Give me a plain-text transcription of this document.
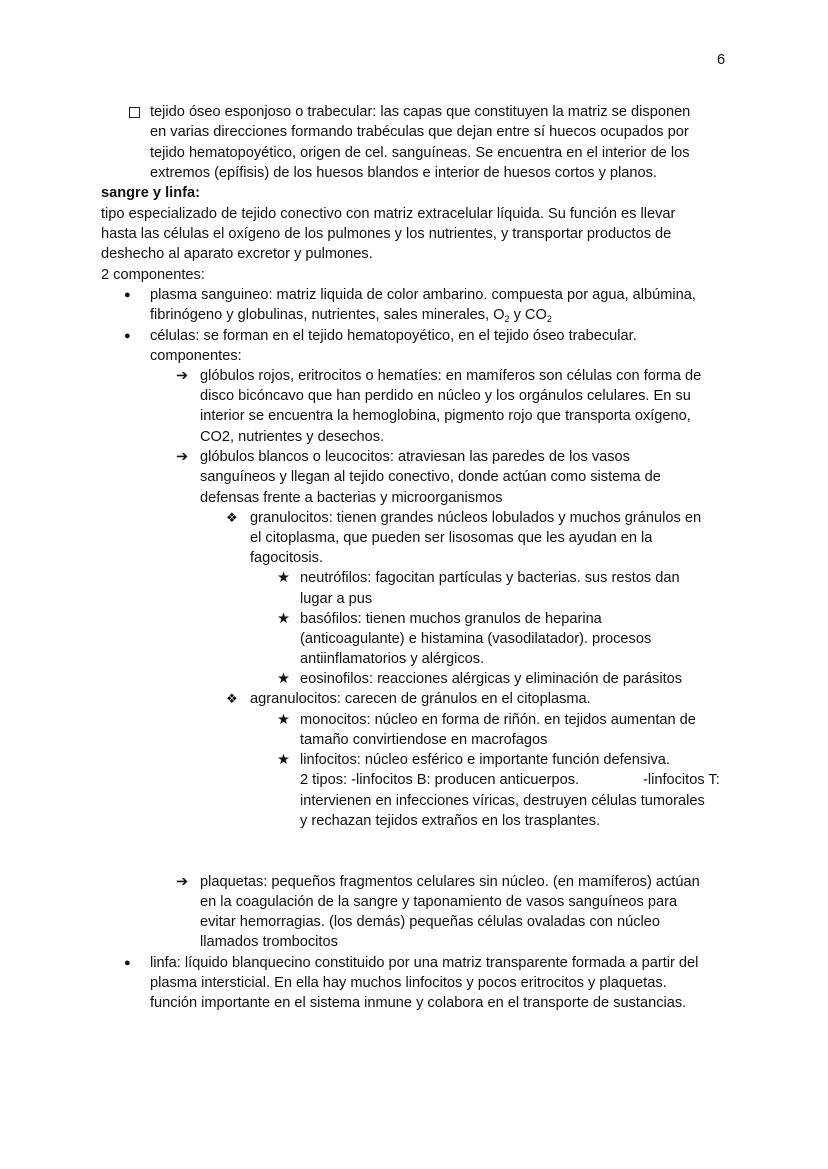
6
tejido óseo esponjoso o trabecular: las capas que constituyen la matriz se disponen
en varias direcciones formando trabéculas que dejan entre sí huecos ocupados por
tejido hematopoyético, origen de cel. sanguíneas. Se encuentra en el interior de los
extremos (epífisis) de los huesos blandos e interior de huesos cortos y planos.
sangre y linfa:
tipo especializado de tejido conectivo con matriz extracelular líquida. Su función es llevar
hasta las células el oxígeno de los pulmones y los nutrientes, y transportar productos de
deshecho al aparato excretor y pulmones.
2 componentes:
● plasma sanguineo: matriz liquida de color ambarino. compuesta por agua, albúmina,
fibrinógeno y globulinas, nutrientes, sales minerales, $O_2$ y $CO_2$
● células: se forman en el tejido hematopoyético, en el tejido óseo trabecular.
componentes:
➔ glóbulos rojos, eritrocitos o hematíes: en mamíferos son células con forma de
disco bicóncavo que han perdido en núcleo y los orgánulos celulares. En su
interior se encuentra la hemoglobina, pigmento rojo que transporta oxígeno,
CO2, nutrientes y desechos.
➔ glóbulos blancos o leucocitos: atraviesan las paredes de los vasos
sanguíneos y llegan al tejido conectivo, donde actúan como sistema de
defensas frente a bacterias y microorganismos
❖ granulocitos: tienen grandes núcleos lobulados y muchos gránulos en
el citoplasma, que pueden ser lisosomas que les ayudan en la
fagocitosis.
★ neutrófilos: fagocitan partículas y bacterias. sus restos dan
lugar a pus
★ basófilos: tienen muchos granulos de heparina
(anticoagulante) e histamina (vasodilatador). procesos
antiinflamatorios y alérgicos.
★ eosinofilos: reacciones alérgicas y eliminación de parásitos
❖ agranulocitos: carecen de gránulos en el citoplasma.
★ monocitos: núcleo en forma de riñón. en tejidos aumentan de
tamaño convirtiendose en macrofagos
★ linfocitos: núcleo esférico e importante función defensiva.
2 tipos: -linfocitos B: producen anticuerpos.	-linfocitos T:
intervienen en infecciones víricas, destruyen células tumorales
y rechazan tejidos extraños en los trasplantes.
➔ plaquetas: pequeños fragmentos celulares sin núcleo. (en mamíferos) actúan
en la coagulación de la sangre y taponamiento de vasos sanguíneos para
evitar hemorragias. (los demás) pequeñas células ovaladas con núcleo
llamados trombocitos
● linfa: líquido blanquecino constituido por una matriz transparente formada a partir del
plasma intersticial. En ella hay muchos linfocitos y pocos eritrocitos y plaquetas.
función importante en el sistema inmune y colabora en el transporte de sustancias.
